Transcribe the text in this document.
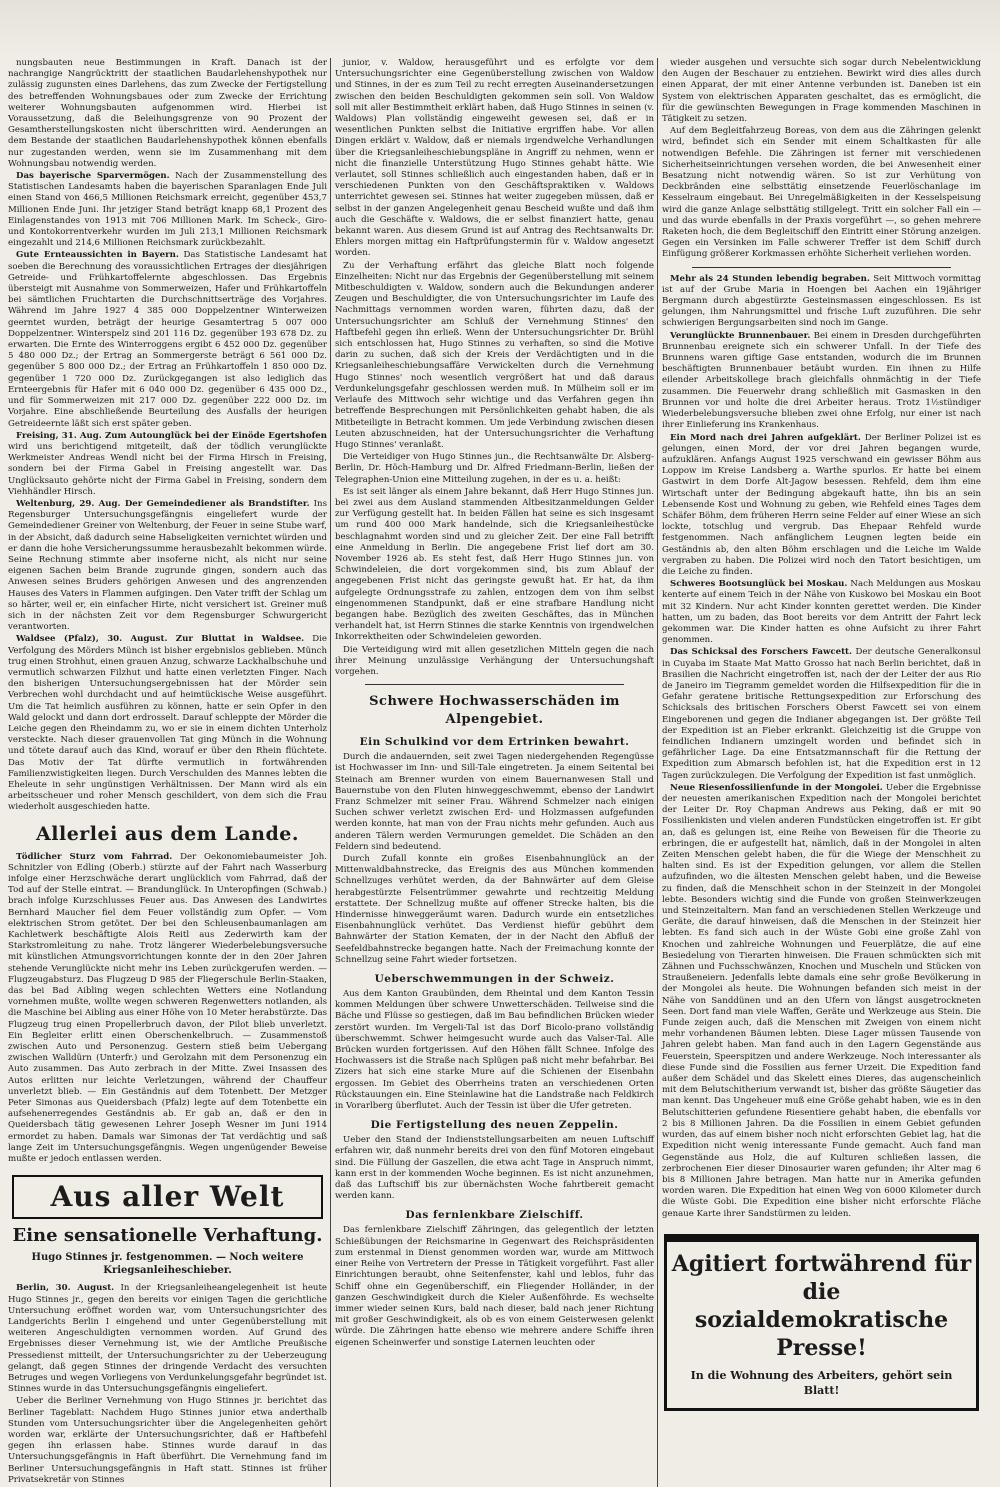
nungsbauten neue Bestimmungen in Kraft. Danach ist der nachrangige Nangrücktritt der staatlichen Baudarlehenshypothek nur zulässig zugunsten eines Darlehens, das zum Zwecke der Fertigstellung des betreffenden Wohnungsbaues oder zum Zwecke der Errichtung weiterer Wohnungsbauten aufgenommen wird. Hierbei ist Voraussetzung, daß die Beleihungsgrenze von 90 Prozent der Gesamtherstellungskosten nicht überschritten wird. Aenderungen an dem Bestande der staatlichen Baudarlehenshypothek können ebenfalls nur zugestanden werden, wenn sie im Zusammenhang mit dem Wohnungsbau notwendig werden.

Das bayerische Sparvermögen. Nach der Zusammenstellung des Statistischen Landesamts haben die bayerischen Sparanlagen Ende Juli einen Stand von 466,5 Millionen Reichsmark erreicht, gegenüber 453,7 Millionen Ende Juni. Ihr jetziger Stand beträgt knapp 68,1 Prozent des Einlagenstandes von 1913 mit 706 Millionen Mark. Im Scheck-, Giro- und Kontokorrentverkehr wurden im Juli 213,1 Millionen Reichsmark eingezahlt und 214,6 Millionen Reichsmark zurückbezahlt.

Gute Ernteaussichten in Bayern. Das Statistische Landesamt hat soeben die Berechnung des voraussichtlichen Ertrages der diesjährigen Getreide- und Frühkartoffelernte abgeschlossen. Das Ergebnis übersteigt mit Ausnahme von Sommerweizen, Hafer und Frühkartoffeln bei sämtlichen Fruchtarten die Durchschnittserträge des Vorjahres. Während im Jahre 1927 4 385 000 Doppelzentner Winterweizen geerntet wurden, beträgt der heurige Gesamtertrag 5 007 000 Doppelzentner. Winterspelz sind 201 116 Dz. gegenüber 193 678 Dz. zu erwarten. Die Ernte des Winterroggens ergibt 6 452 000 Dz. gegenüber 5 480 000 Dz.; der Ertrag an Sommergerste beträgt 6 561 000 Dz. gegenüber 5 800 000 Dz.; der Ertrag an Frühkartoffeln 1 850 000 Dz. gegenüber 1 720 000 Dz. Zurückgegangen ist also lediglich das Ernteergebnis für Hafer mit 6 040 000 Dz. gegenüber 6 435 000 Dz., und für Sommerweizen mit 217 000 Dz. gegenüber 222 000 Dz. im Vorjahre. Eine abschließende Beurteilung des Ausfalls der heurigen Getreideernte läßt sich erst später geben.

Freising, 31. Aug. Zum Autounglück bei der Einöde Egertshofen wird uns berichtigend mitgeteilt, daß der tödlich verunglückte Werkmeister Andreas Wendl nicht bei der Firma Hirsch in Freising, sondern bei der Firma Gabel in Freising angestellt war. Das Unglücksauto gehörte nicht der Firma Gabel in Freising, sondern dem Viehhändler Hirsch.

Weltenburg, 29. Aug. Der Gemeindediener als Brandstifter. Ins Regensburger Untersuchungsgefängnis eingeliefert wurde der Gemeindediener Greiner von Weltenburg, der Feuer in seine Stube warf, in der Absicht, daß dadurch seine Habseligkeiten vernichtet würden und er dann die hohe Versicherungssumme herausbezahlt bekommen würde. Seine Rechnung stimmte aber insoferne nicht, als nicht nur seine eigenen Sachen beim Brande zugrunde gingen, sondern auch das Anwesen seines Bruders gehörigen Anwesen und des angrenzenden Hauses des Vaters in Flammen aufgingen. Den Vater trifft der Schlag um so härter, weil er, ein einfacher Hirte, nicht versichert ist. Greiner muß sich in der nächsten Zeit vor dem Regensburger Schwurgericht verantworten.

Waldsee (Pfalz), 30. August. Zur Bluttat in Waldsee. Die Verfolgung des Mörders Münch ist bisher ergebnislos geblieben. Münch trug einen Strohhut, einen grauen Anzug, schwarze Lackhalbschuhe und vermutlich schwarzen Filzhut und hatte einen verletzten Finger. Nach den bisherigen Untersuchungsergebnissen hat der Mörder sein Verbrechen wohl durchdacht und auf heimtückische Weise ausgeführt. Um die Tat heimlich ausführen zu können, hatte er sein Opfer in den Wald gelockt und dann dort erdrosselt. Darauf schleppte der Mörder die Leiche gegen den Rheindamm zu, wo er sie in einem dichten Unterholz versteckte. Nach dieser grauenvollen Tat ging Münch in die Wohnung und tötete darauf auch das Kind, worauf er über den Rhein flüchtete. Das Motiv der Tat dürfte vermutlich in fortwährenden Familienzwistigkeiten liegen. Durch Verschulden des Mannes lebten die Eheleute in sehr ungünstigen Verhältnissen. Der Mann wird als ein arbeitsscheuer und roher Mensch geschildert, von dem sich die Frau wiederholt ausgeschieden hatte.

Allerlei aus dem Lande.

Tödlicher Sturz vom Fahrrad. Der Oekonomiebaumeister Joh. Schnitzler von Edling (Oberb.) stürzte auf der Fahrt nach Wasserburg infolge einer Herzschwäche derart unglücklich vom Fahrrad, daß der Tod auf der Stelle eintrat. — Brandunglück. In Unteropfingen (Schwab.) brach infolge Kurzschlusses Feuer aus. Das Anwesen des Landwirtes Bernhard Maucher fiel dem Feuer vollständig zum Opfer. — Vom elektrischen Strom getötet. Der bei den Schleusenbaumanlagen am Kachletwerk beschäftigte Alois Reitl aus Zederwirth kam der Starkstromleitung zu nahe. Trotz längerer Wiederbelebungsversuche mit künstlichen Atmungsvorrichtungen konnte der in den 20er Jahren stehende Verunglückte nicht mehr ins Leben zurückgerufen werden. — Flugzeugabsturz. Das Flugzeug D 985 der Fliegerschule Berlin-Staaken, das bei Bad Aibling wegen schlechten Wetters eine Notlandung vornehmen mußte, wollte wegen schweren Regenwetters notlanden, als die Maschine bei Aibling aus einer Höhe von 10 Meter herabstürzte. Das Flugzeug trug einen Propellerbruch davon, der Pilot blieb unverletzt. Ein Begleiter erlitt einen Oberschenkelbruch. — Zusammenstoß zwischen Auto und Personenzug. Gestern stieß beim Uebergang zwischen Walldürn (Unterfr.) und Gerolzahn mit dem Personenzug ein Auto zusammen. Das Auto zerbrach in der Mitte. Zwei Insassen des Autos erlitten nur leichte Verletzungen, während der Chauffeur unverletzt blieb. — Ein Geständnis auf dem Totenbett. Der Metzger Peter Simonas aus Queidersbach (Pfalz) legte auf dem Totenbette ein aufsehenerregendes Geständnis ab. Er gab an, daß er den in Queidersbach tätig gewesenen Lehrer Joseph Wesner im Juni 1914 ermordet zu haben. Damals war Simonas der Tat verdächtig und saß lange Zeit im Untersuchungsgefängnis. Wegen ungenügender Beweise mußte er jedoch entlassen werden.

Aus aller Welt
Eine sensationelle Verhaftung.
Hugo Stinnes jr. festgenommen. — Noch weitere Kriegsanleiheschieber.

Berlin, 30. August. In der Kriegsanleiheangelegenheit ist heute Hugo Stinnes jr., gegen den bereits vor einigen Tagen die gerichtliche Untersuchung eröffnet worden war, vom Untersuchungsrichter des Landgerichts Berlin I eingehend und unter Gegenüberstellung mit weiteren Angeschuldigten vernommen worden. Auf Grund des Ergebnisses dieser Vernehmung ist, wie der Amtliche Preußische Pressedienst mitteilt, der Untersuchungsrichter zu der Ueberzeugung gelangt, daß gegen Stinnes der dringende Verdacht des versuchten Betruges und wegen Vorliegens von Verdunkelungsgefahr begründet ist. Stinnes wurde in das Untersuchungsgefängnis eingeliefert.

Ueber die Berliner Vernehmung von Hugo Stinnes jr. berichtet das Berliner Tageblatt: Nachdem Hugo Stinnes junior etwa anderthalb Stunden vom Untersuchungsrichter über die Angelegenheiten gehört worden war, erklärte der Untersuchungsrichter, daß er Haftbefehl gegen ihn erlassen habe. Stinnes wurde darauf in das Untersuchungsgefängnis in Haft überführt. Die Vernehmung fand im Berliner Untersuchungsgefängnis in Haft statt. Stinnes ist früher Privatsekretär von Stinnes

junior, v. Waldow, herausgeführt und es erfolgte vor dem Untersuchungsrichter eine Gegenüberstellung zwischen von Waldow und Stinnes, in der es zum Teil zu recht erregten Auseinandersetzungen zwischen den beiden Beschuldigten gekommen sein soll. Von Waldow soll mit aller Bestimmtheit erklärt haben, daß Hugo Stinnes in seinen (v. Waldows) Plan vollständig eingeweiht gewesen sei, daß er in wesentlichen Punkten selbst die Initiative ergriffen habe. Vor allen Dingen erklärt v. Waldow, daß er niemals irgendwelche Verhandlungen über die Kriegsanleiheschiebungspläne in Angriff zu nehmen, wenn er nicht die finanzielle Unterstützung Hugo Stinnes gehabt hätte. Wie verlautet, soll Stinnes schließlich auch eingestanden haben, daß er in verschiedenen Punkten von den Geschäftspraktiken v. Waldows unterrichtet gewesen sei. Stinnes hat weiter zugegeben müssen, daß er selbst in der ganzen Angelegenheit genau Bescheid wußte und daß ihm auch die Geschäfte v. Waldows, die er selbst finanziert hatte, genau bekannt waren. Aus diesem Grund ist auf Antrag des Rechtsanwalts Dr. Ehlers morgen mittag ein Haftprüfungstermin für v. Waldow angesetzt worden.

Zu der Verhaftung erfährt das gleiche Blatt noch folgende Einzelheiten: Nicht nur das Ergebnis der Gegenüberstellung mit seinem Mitbeschuldigten v. Waldow, sondern auch die Bekundungen anderer Zeugen und Beschuldigter, die von Untersuchungsrichter im Laufe des Nachmittags vernommen worden waren, führten dazu, daß der Untersuchungsrichter am Schluß der Vernehmung Stinnes' den Haftbefehl gegen ihn erließ. Wenn der Untersuchungsrichter Dr. Brühl sich entschlossen hat, Hugo Stinnes zu verhaften, so sind die Motive darin zu suchen, daß sich der Kreis der Verdächtigten und in die Kriegsanleiheschiebungsaffäre Verwickelten durch die Vernehmung Hugo Stinnes' noch wesentlich vergrößert hat und daß daraus Verdunkelungsgefahr geschlossen werden muß. In Mülheim soll er im Verlaufe des Mittwoch sehr wichtige und das Verfahren gegen ihn betreffende Besprechungen mit Persönlichkeiten gehabt haben, die als Mitbeteiligte in Betracht kommen. Um jede Verbindung zwischen diesen Leuten abzuschneiden, hat der Untersuchungsrichter die Verhaftung Hugo Stinnes' veranlaßt.

Die Verteidiger von Hugo Stinnes jun., die Rechtsanwälte Dr. Alsberg-Berlin, Dr. Höch-Hamburg und Dr. Alfred Friedmann-Berlin, ließen der Telegraphen-Union eine Mitteilung zugehen, in der es u. a. heißt:

Es ist seit länger als einem Jahre bekannt, daß Herr Hugo Stinnes jun. bei zwei aus dem Ausland stammenden Altbesitzanmeldungen Gelder zur Verfügung gestellt hat. In beiden Fällen hat seine es sich insgesamt um rund 400 000 Mark handelnde, sich die Kriegsanleihestücke beschlagnahmt worden sind und zu gleicher Zeit. Der eine Fall betrifft eine Anmeldung in Berlin. Die angegebene Frist lief dort am 30. November 1926 ab. Es steht fest, daß Herr Hugo Stinnes jun. von Schwindeleien, die dort vorgekommen sind, bis zum Ablauf der angegebenen Frist nicht das geringste gewußt hat. Er hat, da ihm aufgelegte Ordnungsstrafe zu zahlen, entzogen dem von ihm selbst eingenommenen Standpunkt, daß er eine strafbare Handlung nicht begangen habe. Bezüglich des zweiten Geschäftes, das in München verhandelt hat, ist Herrn Stinnes die starke Kenntnis von irgendwelchen Inkorrektheiten oder Schwindeleien geworden.

Die Verteidigung wird mit allen gesetzlichen Mitteln gegen die nach ihrer Meinung unzulässige Verhängung der Untersuchungshaft vorgehen.

Schwere Hochwasserschäden im Alpengebiet.
Ein Schulkind vor dem Ertrinken bewahrt.

Durch die andauernden, seit zwei Tagen niedergehenden Regengüsse ist Hochwasser im Inn- und Sill-Tale eingetreten. Ja einem Seitental bei Steinach am Brenner wurden von einem Bauernanwesen Stall und Bauernstube von den Fluten hinweggeschwemmt, ebenso der Landwirt Franz Schmelzer mit seiner Frau. Während Schmelzer nach einigen Suchen schwer verletzt zwischen Erd- und Holzmassen aufgefunden werden konnte, hat man von der Frau nichts mehr gefunden. Auch aus anderen Tälern werden Vermurungen gemeldet. Die Schäden an den Feldern sind bedeutend.

Durch Zufall konnte ein großes Eisenbahnunglück an der Mittenwaldbahnstrecke, das Ereignis des aus München kommenden Schnellzuges verhütet werden, da der Bahnwärter auf dem Gleise herabgestürzte Felsentrümmer gewahrte und rechtzeitig Meldung erstattete. Der Schnellzug mußte auf offener Strecke halten, bis die Hindernisse hinweggeräumt waren. Dadurch wurde ein entsetzliches Eisenbahnunglück verhütet. Das Verdienst hiefür gebührt dem Bahnwärter der Station Kematen, der in der Nacht den Abfluß der Seefeldbahnstrecke begangen hatte. Nach der Freimachung konnte der Schnellzug seine Fahrt wieder fortsetzen.

Ueberschwemmungen in der Schweiz.

Aus dem Kanton Graubünden, dem Rheintal und dem Kanton Tessin kommen Meldungen über schwere Unwetterschäden. Teilweise sind die Bäche und Flüsse so gestiegen, daß im Bau befindlichen Brücken wieder zerstört wurden. Im Vergeli-Tal ist das Dorf Bicolo-prano vollständig überschwemmt. Schwer heimgesucht wurde auch das Valser-Tal. Alle Brücken wurden fortgerissen. Auf den Höhen fällt Schnee. Infolge des Hochwassers ist die Straße nach Splügen paß nicht mehr befahrbar. Bei Zizers hat sich eine starke Mure auf die Schienen der Eisenbahn ergossen. Im Gebiet des Oberrheins traten an verschiedenen Orten Rückstauungen ein. Eine Steinlawine hat die Landstraße nach Feldkirch in Vorarlberg überflutet. Auch der Tessin ist über die Ufer getreten.

Die Fertigstellung des neuen Zeppelin.

Ueber den Stand der Indienststellungsarbeiten am neuen Luftschiff erfahren wir, daß nunmehr bereits drei von den fünf Motoren eingebaut sind. Die Füllung der Gaszellen, die etwa acht Tage in Anspruch nimmt, kann erst in der kommenden Woche beginnen. Es ist nicht anzunehmen, daß das Luftschiff bis zur übernächsten Woche fahrtbereit gemacht werden kann.

Das fernlenkbare Zielschiff.

Das fernlenkbare Zielschiff Zähringen, das gelegentlich der letzten Schießübungen der Reichsmarine in Gegenwart des Reichspräsidenten zum erstenmal in Dienst genommen worden war, wurde am Mittwoch einer Reihe von Vertretern der Presse in Tätigkeit vorgeführt. Fast aller Einrichtungen beraubt, ohne Seitenfenster, kahl und leblos, fuhr das Schiff ohne ein Gegenüberschiff, ein Fliegender Holländer, in der ganzen Geschwindigkeit durch die Kieler Außenföhrde. Es wechselte immer wieder seinen Kurs, bald nach dieser, bald nach jener Richtung mit großer Geschwindigkeit, als ob es von einem Geisterwesen gelenkt würde. Die Zähringen hatte ebenso wie mehrere andere Schiffe ihren eigenen Scheinwerfer und sonstige Laternen leuchten oder

wieder ausgehen und versuchte sich sogar durch Nebelentwicklung den Augen der Beschauer zu entziehen. Bewirkt wird dies alles durch einen Apparat, der mit einer Antenne verbunden ist. Daneben ist ein System von elektrischen Apparaten geschaltet, das es ermöglicht, die für die gewünschten Bewegungen in Frage kommenden Maschinen in Tätigkeit zu setzen.

Auf dem Begleitfahrzeug Boreas, von dem aus die Zähringen gelenkt wird, befindet sich ein Sender mit einem Schaltkasten für alle notwendigen Befehle. Die Zähringen ist ferner mit verschiedenen Sicherheitseinrichtungen versehen worden, die bei Anwesenheit einer Besatzung nicht notwendig wären. So ist zur Verhütung von Deckbränden eine selbsttätig einsetzende Feuerlöschanlage im Kesselraum eingebaut. Bei Unregelmäßigkeiten in der Kesselspeisung wird die ganze Anlage selbsttätig stillgelegt. Tritt ein solcher Fall ein — und das wurde ebenfalls in der Praxis vorgeführt —, so gehen mehrere Raketen hoch, die dem Begleitschiff den Eintritt einer Störung anzeigen. Gegen ein Versinken im Falle schwerer Treffer ist dem Schiff durch Einfügung größerer Korkmassen erhöhte Sicherheit verliehen worden.

Mehr als 24 Stunden lebendig begraben. Seit Mittwoch vormittag ist auf der Grube Maria in Hoengen bei Aachen ein 19jähriger Bergmann durch abgestürzte Gesteinsmassen eingeschlossen. Es ist gelungen, ihm Nahrungsmittel und frische Luft zuzuführen. Die sehr schwierigen Bergungsarbeiten sind noch im Gange.

Verunglückte Brunnenbauer. Bei einem in Dresden durchgeführten Brunnenbau ereignete sich ein schwerer Unfall. In der Tiefe des Brunnens waren giftige Gase entstanden, wodurch die im Brunnen beschäftigten Brunnenbauer betäubt wurden. Ein ihnen zu Hilfe eilender Arbeitskollege brach gleichfalls ohnmächtig in der Tiefe zusammen. Die Feuerwehr drang schließlich mit Gasmasken in den Brunnen vor und holte die drei Arbeiter heraus. Trotz 1½stündiger Wiederbelebungsversuche blieben zwei ohne Erfolg, nur einer ist nach ihrer Einlieferung ins Krankenhaus.

Ein Mord nach drei Jahren aufgeklärt. Der Berliner Polizei ist es gelungen, einen Mord, der vor drei Jahren begangen wurde, aufzuklären. Anfangs August 1925 verschwand ein gewisser Böhm aus Loppow im Kreise Landsberg a. Warthe spurlos. Er hatte bei einem Gastwirt in dem Dorfe Alt-Jagow besessen. Rehfeld, dem ihm eine Wirtschaft unter der Bedingung abgekauft hatte, ihn bis an sein Lebensende Kost und Wohnung zu geben, wie Rehfeld eines Tages dem Schäfer Böhm, dem früheren Herrn seine Felder auf einer Wiese an sich lockte, totschlug und vergrub. Das Ehepaar Rehfeld wurde festgenommen. Nach anfänglichem Leugnen legten beide ein Geständnis ab, den alten Böhm erschlagen und die Leiche im Walde vergraben zu haben. Die Polizei wird noch den Tatort besichtigen, um die Leiche zu finden.

Schweres Bootsunglück bei Moskau. Nach Meldungen aus Moskau kenterte auf einem Teich in der Nähe von Kuskowo bei Moskau ein Boot mit 32 Kindern. Nur acht Kinder konnten gerettet werden. Die Kinder hatten, um zu baden, das Boot bereits vor dem Antritt der Fahrt leck gekommen war. Die Kinder hatten es ohne Aufsicht zu ihrer Fahrt genommen.

Das Schicksal des Forschers Fawcett. Der deutsche Generalkonsul in Cuyaba im Staate Mat Matto Grosso hat nach Berlin berichtet, daß in Brasilien die Nachricht eingetroffen ist, nach der der Leiter der aus Rio de Janeiro im Tiegramm gemeldet worden die Hilfsexpedition für die in Gefahr geratene britische Rettungsexpedition zur Erforschung des Schicksals des britischen Forschers Oberst Fawcett sei von einem Eingeborenen und gegen die Indianer abgegangen ist. Der größte Teil der Expedition ist an Fieber erkrankt. Gleichzeitig ist die Gruppe von feindlichen Indianern umzingelt worden und befindet sich in gefährlicher Lage. Da eine Entsatzmannschaft für die Rettung der Expedition zum Abmarsch befohlen ist, hat die Expedition erst in 12 Tagen zurückzulegen. Die Verfolgung der Expedition ist fast unmöglich.

Neue Riesenfossilienfunde in der Mongolei. Ueber die Ergebnisse der neuesten amerikanischen Expedition nach der Mongolei berichtet der Leiter Dr. Roy Chapman Andrews aus Peking, daß er mit 90 Fossilienkisten und vielen anderen Fundstücken eingetroffen ist. Er gibt an, daß es gelungen ist, eine Reihe von Beweisen für die Theorie zu erbringen, die er aufgestellt hat, nämlich, daß in der Mongolei in alten Zeiten Menschen gelebt haben, die für die Wiege der Menschheit zu halten sind. Es ist der Expedition gelungen, vor allem die Stellen aufzufinden, wo die ältesten Menschen gelebt haben, und die Beweise zu finden, daß die Menschheit schon in der Steinzeit in der Mongolei lebte. Besonders wichtig sind die Funde von großen Steinwerkzeugen und Steinzeitaltern. Man fand an verschiedenen Stellen Werkzeuge und Geräte, die darauf hinweisen, daß die Menschen in der Steinzeit hier lebten. Es fand sich auch in der Wüste Gobi eine große Zahl von Knochen und zahlreiche Wohnungen und Feuerplätze, die auf eine Besiedelung von Tierarten hinweisen. Die Frauen schmückten sich mit Zähnen und Fuchsschwänzen, Knochen und Muscheln und Stücken von Straußeneiern. Jedenfalls lebte damals eine sehr große Bevölkerung in der Mongolei als heute. Die Wohnungen befanden sich meist in der Nähe von Sanddünen und an den Ufern von längst ausgetrockneten Seen. Dort fand man viele Waffen, Geräte und Werkzeuge aus Stein. Die Funde zeigen auch, daß die Menschen mit Zweigen von einem nicht mehr vorhandenen Bäumen lebten. Diese Lager müssen Tausende von Jahren gelebt haben. Man fand auch in den Lagern Gegenstände aus Feuerstein, Speerspitzen und andere Werkzeuge. Noch interessanter als diese Funde sind die Fossilien aus ferner Urzeit. Die Expedition fand außer dem Schädel und das Skelett eines Dieres, das augenscheinlich mit dem Belutschitherium verwandt ist, bisher das größte Säugetier das man kennt. Das Ungeheuer muß eine Größe gehabt haben, wie es in den Belutschitterien gefundene Riesentiere gehabt haben, die ebenfalls vor 2 bis 8 Millionen Jahren. Da die Fossilien in einem Gebiet gefunden wurden, das auf einem bisher noch nicht erforschten Gebiet lag, hat die Expedition nicht wenig interessante Funde gemacht. Auch fand man Gegenstände aus Holz, die auf Kulturen schließen lassen, die zerbrochenen Eier dieser Dinosaurier waren gefunden; ihr Alter mag 6 bis 8 Millionen Jahre betragen. Man hatte nur in Amerika gefunden worden waren. Die Expedition hat einen Weg von 6000 Kilometer durch die Wüste Gobi. Die Expedition eine bisher nicht erforschte Fläche genaue Karte ihrer Sandstürmen zu leiden.

Agitiert fortwährend für die
sozialdemokratische Presse!
In die Wohnung des Arbeiters, gehört sein Blatt!
